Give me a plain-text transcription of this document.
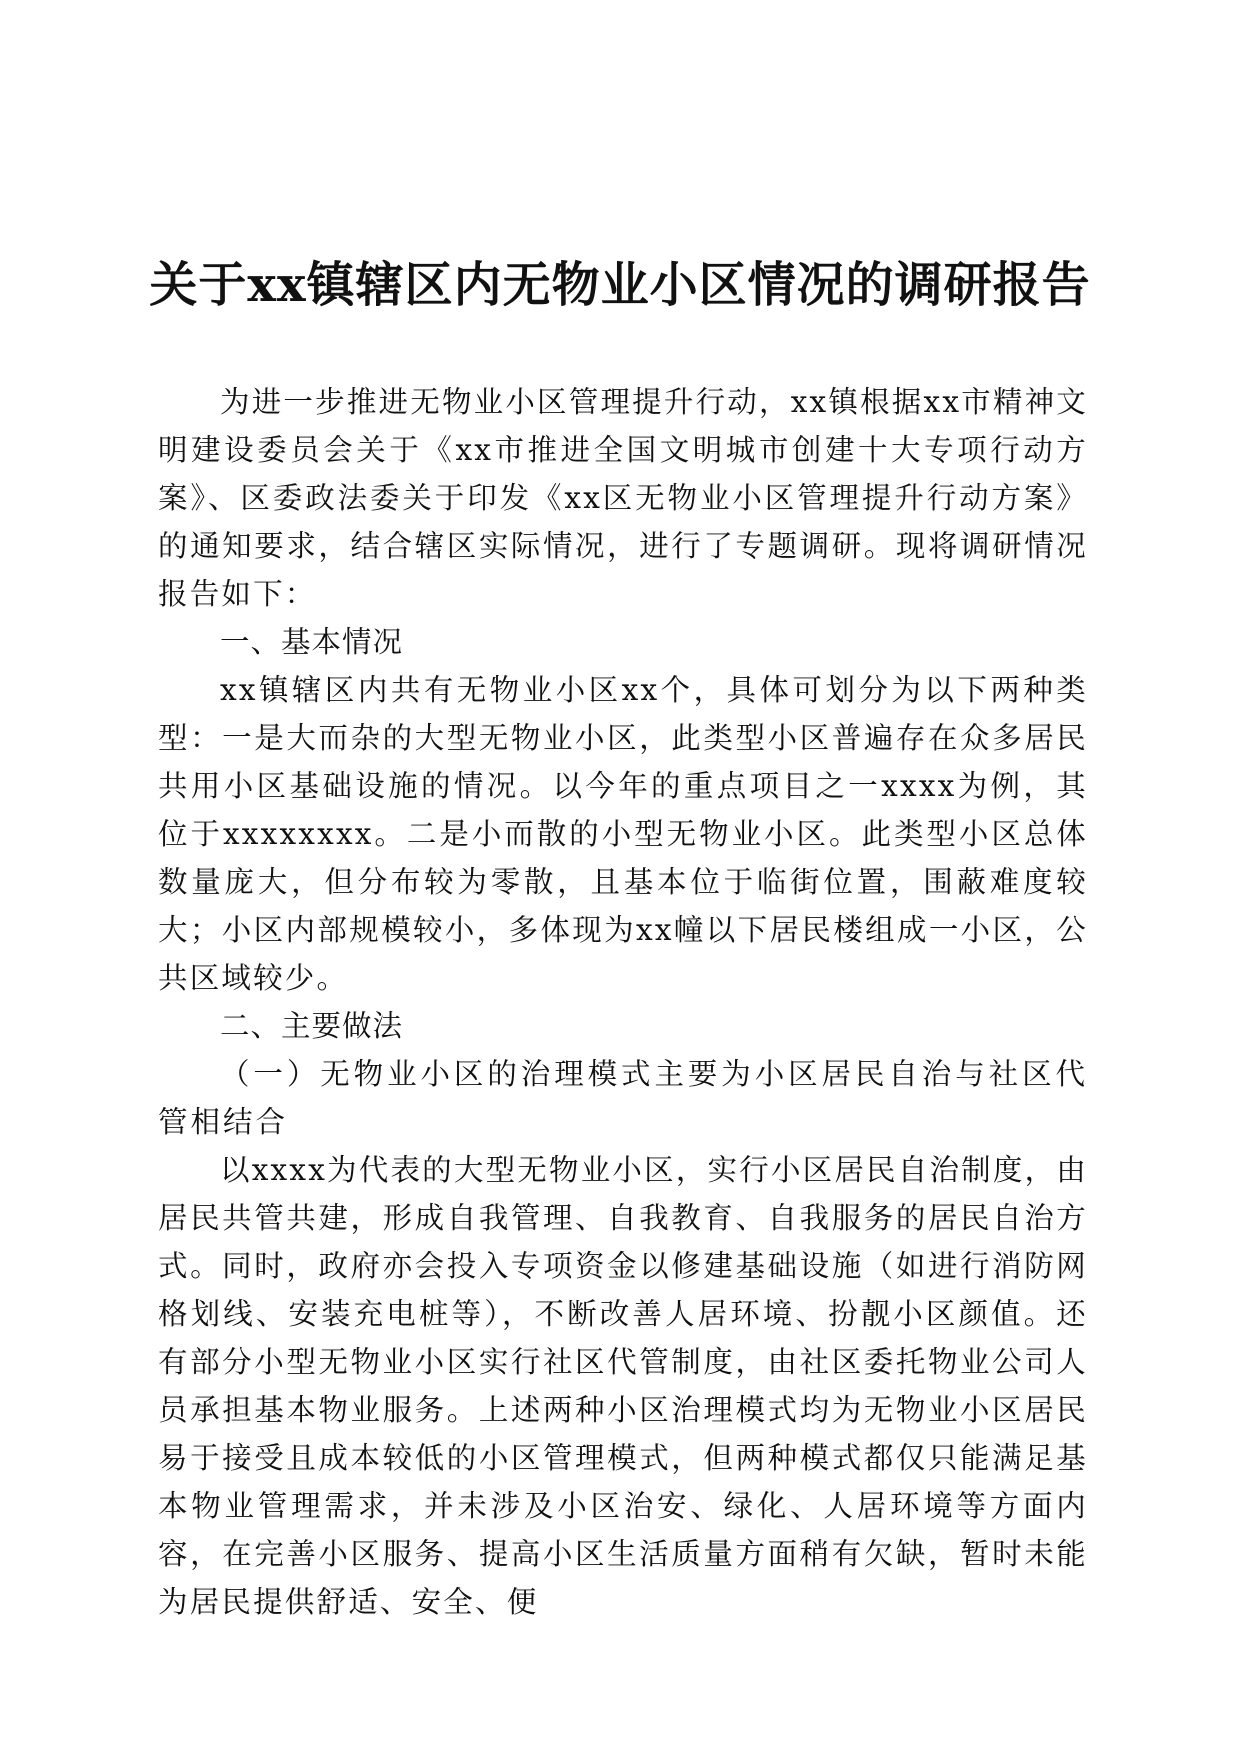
关于xx镇辖区内无物业小区情况的调研报告

为进一步推进无物业小区管理提升行动，xx镇根据xx市精神文明建设委员会关于《xx市推进全国文明城市创建十大专项行动方案》、区委政法委关于印发《xx区无物业小区管理提升行动方案》的通知要求，结合辖区实际情况，进行了专题调研。现将调研情况报告如下：

一、基本情况

xx镇辖区内共有无物业小区xx个，具体可划分为以下两种类型：一是大而杂的大型无物业小区，此类型小区普遍存在众多居民共用小区基础设施的情况。以今年的重点项目之一xxxx为例，其位于xxxxxxxx。二是小而散的小型无物业小区。此类型小区总体数量庞大，但分布较为零散，且基本位于临街位置，围蔽难度较大；小区内部规模较小，多体现为xx幢以下居民楼组成一小区，公共区域较少。

二、主要做法

（一）无物业小区的治理模式主要为小区居民自治与社区代管相结合

以xxxx为代表的大型无物业小区，实行小区居民自治制度，由居民共管共建，形成自我管理、自我教育、自我服务的居民自治方式。同时，政府亦会投入专项资金以修建基础设施（如进行消防网格划线、安装充电桩等），不断改善人居环境、扮靓小区颜值。还有部分小型无物业小区实行社区代管制度，由社区委托物业公司人员承担基本物业服务。上述两种小区治理模式均为无物业小区居民易于接受且成本较低的小区管理模式，但两种模式都仅只能满足基本物业管理需求，并未涉及小区治安、绿化、人居环境等方面内容，在完善小区服务、提高小区生活质量方面稍有欠缺，暂时未能为居民提供舒适、安全、便
